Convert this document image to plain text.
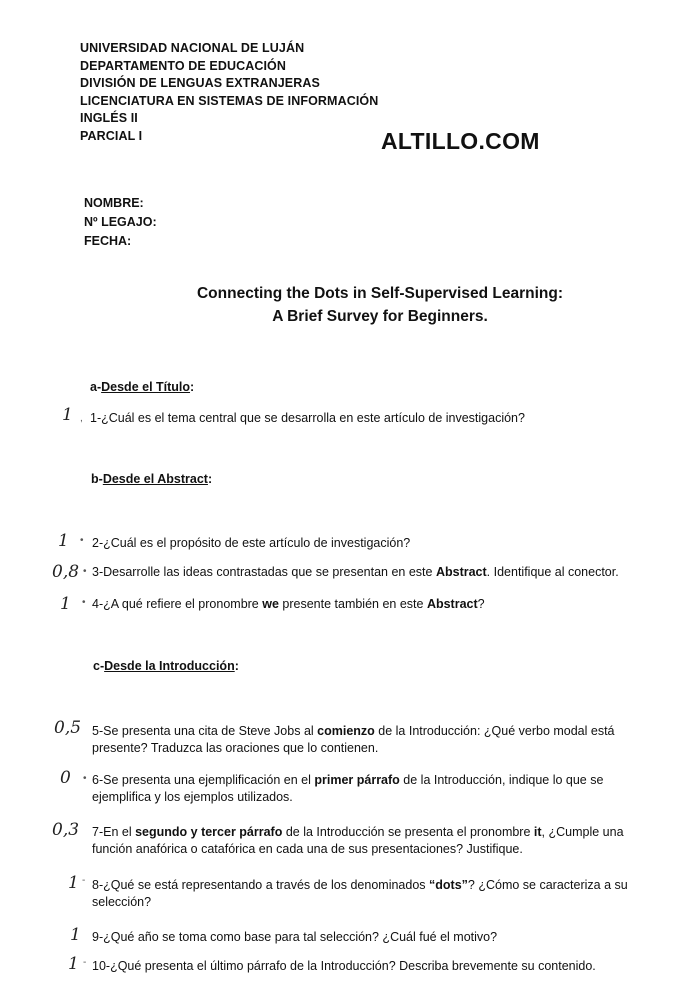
UNIVERSIDAD NACIONAL DE LUJÁN
DEPARTAMENTO DE EDUCACIÓN
DIVISIÓN DE LENGUAS EXTRANJERAS
LICENCIATURA EN SISTEMAS DE INFORMACIÓN
INGLÉS II
PARCIAL I	ALTILLO.COM
NOMBRE:
Nº LEGAJO:
FECHA:
Connecting the Dots in Self-Supervised Learning:
A Brief Survey for Beginners.
a-Desde el Título:
1 , 1-¿Cuál es el tema central que se desarrolla en este artículo de investigación?
b-Desde el Abstract:
1 • 2-¿Cuál es el propósito de este artículo de investigación?
0,8 • 3-Desarrolle las ideas contrastadas que se presentan en este Abstract. Identifique al conector.
1 • 4-¿A qué refiere el pronombre we presente también en este Abstract?
c-Desde la Introducción:
0,5 5-Se presenta una cita de Steve Jobs al comienzo de la Introducción: ¿Qué verbo modal está
presente? Traduzca las oraciones que lo contienen.
0 • 6-Se presenta una ejemplificación en el primer párrafo de la Introducción, indique lo que se
ejemplifica y los ejemplos utilizados.
0,3 7-En el segundo y tercer párrafo de la Introducción se presenta el pronombre it, ¿Cumple una
función anafórica o catafórica en cada una de sus presentaciones? Justifique.
1 - 8-¿Qué se está representando a través de los denominados “dots”? ¿Cómo se caracteriza a su
selección?
1 9-¿Qué año se toma como base para tal selección? ¿Cuál fué el motivo?
1 - 10-¿Qué presenta el último párrafo de la Introducción? Describa brevemente su contenido.
